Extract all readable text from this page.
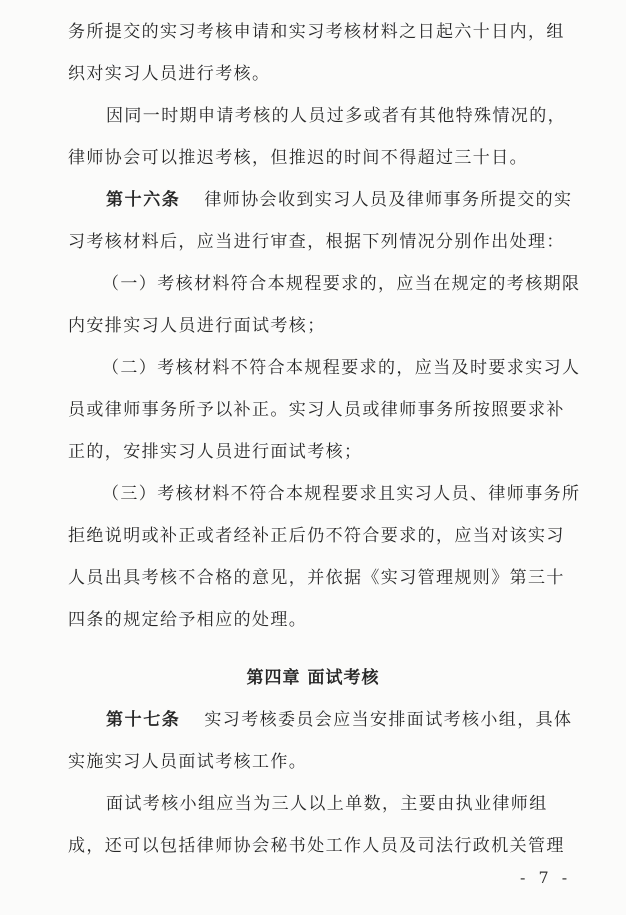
务所提交的实习考核申请和实习考核材料之日起六十日内，组
织对实习人员进行考核。
因同一时期申请考核的人员过多或者有其他特殊情况的，
律师协会可以推迟考核，但推迟的时间不得超过三十日。
第十六条 律师协会收到实习人员及律师事务所提交的实
习考核材料后，应当进行审查，根据下列情况分别作出处理：
（一）考核材料符合本规程要求的，应当在规定的考核期限
内安排实习人员进行面试考核；
（二）考核材料不符合本规程要求的，应当及时要求实习人
员或律师事务所予以补正。实习人员或律师事务所按照要求补
正的，安排实习人员进行面试考核；
（三）考核材料不符合本规程要求且实习人员、律师事务所
拒绝说明或补正或者经补正后仍不符合要求的，应当对该实习
人员出具考核不合格的意见，并依据《实习管理规则》第三十
四条的规定给予相应的处理。
第四章 面试考核
第十七条 实习考核委员会应当安排面试考核小组，具体
实施实习人员面试考核工作。
- 7 -
面试考核小组应当为三人以上单数，主要由执业律师组
成，还可以包括律师协会秘书处工作人员及司法行政机关管理
